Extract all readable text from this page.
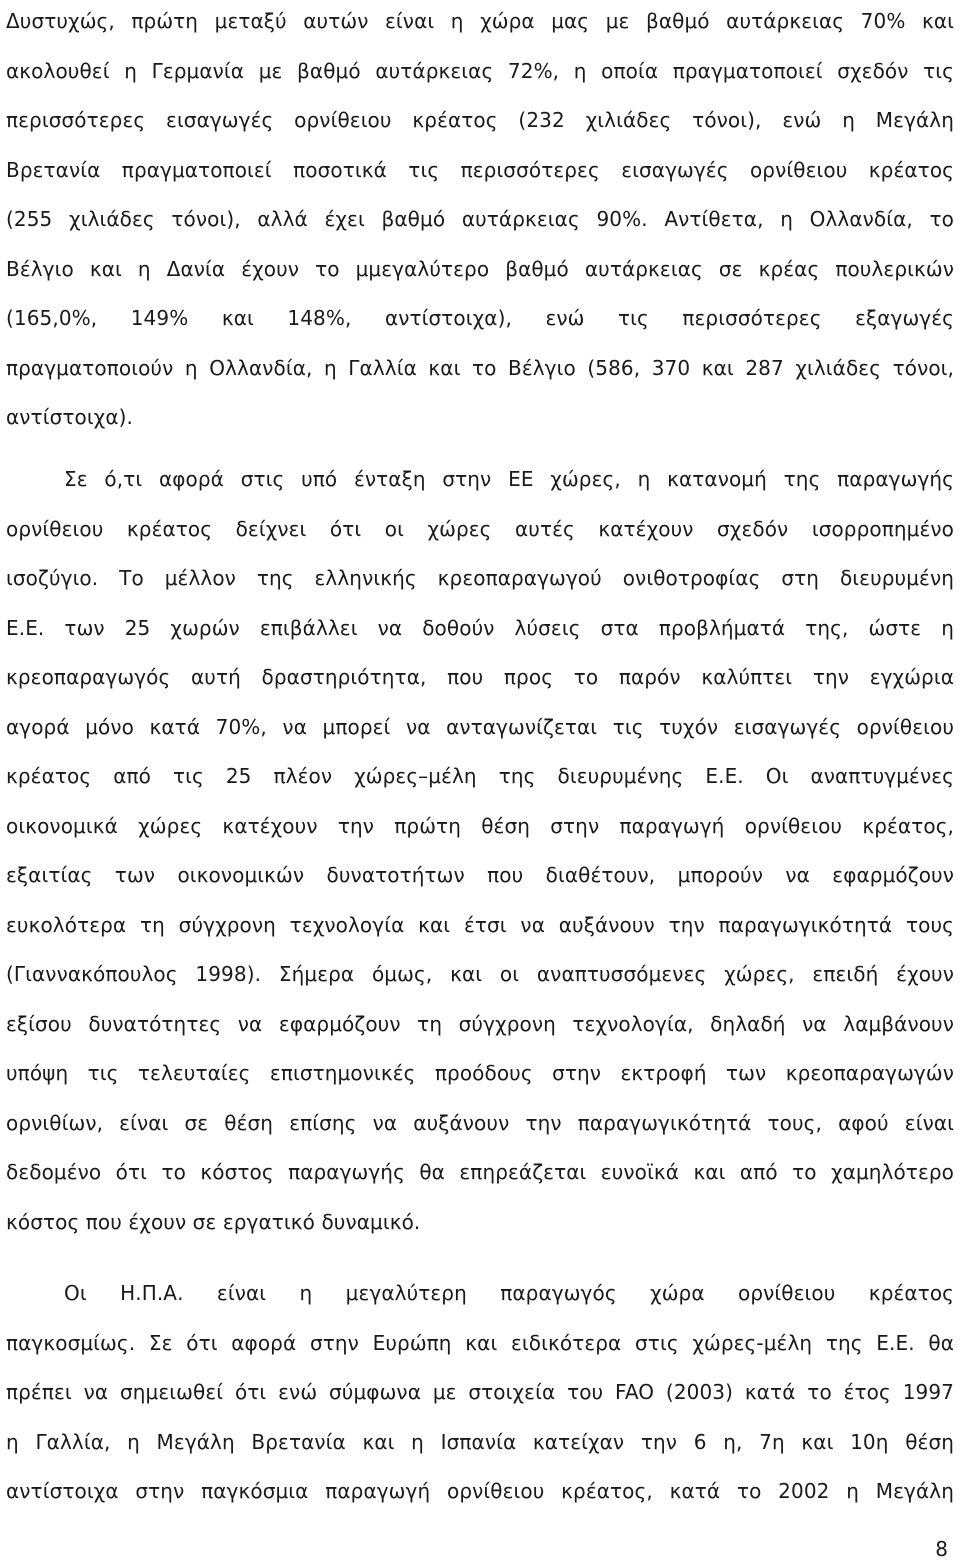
Δυστυχώς, πρώτη μεταξύ αυτών είναι η χώρα μας με βαθμό αυτάρκειας 70% και
ακολουθεί η Γερμανία με βαθμό αυτάρκειας 72%, η οποία πραγματοποιεί σχεδόν τις
περισσότερες εισαγωγές ορνίθειου κρέατος (232 χιλιάδες τόνοι), ενώ η Μεγάλη
Βρετανία πραγματοποιεί ποσοτικά τις περισσότερες εισαγωγές ορνίθειου κρέατος
(255 χιλιάδες τόνοι), αλλά έχει βαθμό αυτάρκειας 90%. Αντίθετα, η Ολλανδία, το
Βέλγιο και η Δανία έχουν το μμεγαλύτερο βαθμό αυτάρκειας σε κρέας πουλερικών
(165,0%, 149% και 148%, αντίστοιχα), ενώ τις περισσότερες εξαγωγές
πραγματοποιούν η Ολλανδία, η Γαλλία και το Βέλγιο (586, 370 και 287 χιλιάδες τόνοι,
αντίστοιχα).
Σε ό,τι αφορά στις υπό ένταξη στην ΕΕ χώρες, η κατανομή της παραγωγής
ορνίθειου κρέατος δείχνει ότι οι χώρες αυτές κατέχουν σχεδόν ισορροπημένο
ισοζύγιο. Το μέλλον της ελληνικής κρεοπαραγωγού ονιθοτροφίας στη διευρυμένη
Ε.Ε. των 25 χωρών επιβάλλει να δοθούν λύσεις στα προβλήματά της, ώστε η
κρεοπαραγωγός αυτή δραστηριότητα, που προς το παρόν καλύπτει την εγχώρια
αγορά μόνο κατά 70%, να μπορεί να ανταγωνίζεται τις τυχόν εισαγωγές ορνίθειου
κρέατος από τις 25 πλέον χώρες–μέλη της διευρυμένης Ε.Ε. Οι αναπτυγμένες
οικονομικά χώρες κατέχουν την πρώτη θέση στην παραγωγή ορνίθειου κρέατος,
εξαιτίας των οικονομικών δυνατοτήτων που διαθέτουν, μπορούν να εφαρμόζουν
ευκολότερα τη σύγχρονη τεχνολογία και έτσι να αυξάνουν την παραγωγικότητά τους
(Γιαννακόπουλος 1998). Σήμερα όμως, και οι αναπτυσσόμενες χώρες, επειδή έχουν
εξίσου δυνατότητες να εφαρμόζουν τη σύγχρονη τεχνολογία, δηλαδή να λαμβάνουν
υπόψη τις τελευταίες επιστημονικές προόδους στην εκτροφή των κρεοπαραγωγών
ορνιθίων, είναι σε θέση επίσης να αυξάνουν την παραγωγικότητά τους, αφού είναι
δεδομένο ότι το κόστος παραγωγής θα επηρεάζεται ευνοϊκά και από το χαμηλότερο
κόστος που έχουν σε εργατικό δυναμικό.
Οι Η.Π.Α. είναι η μεγαλύτερη παραγωγός χώρα ορνίθειου κρέατος
παγκοσμίως. Σε ότι αφορά στην Ευρώπη και ειδικότερα στις χώρες-μέλη της Ε.Ε. θα
πρέπει να σημειωθεί ότι ενώ σύμφωνα με στοιχεία του FAO (2003) κατά το έτος 1997
η Γαλλία, η Μεγάλη Βρετανία και η Ισπανία κατείχαν την 6 η, 7η και 10η θέση
αντίστοιχα στην παγκόσμια παραγωγή ορνίθειου κρέατος, κατά το 2002 η Μεγάλη
8
